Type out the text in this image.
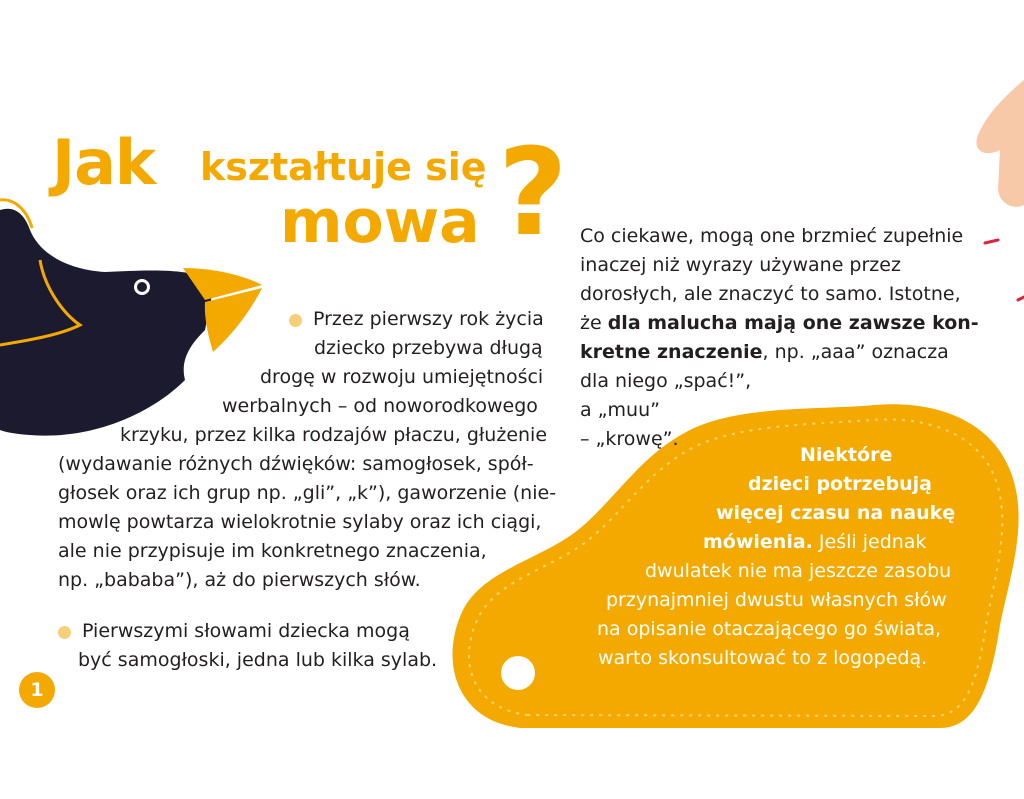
Jak kształtuje się
mowa ?
Przez pierwszy rok życia
dziecko przebywa długą
drogę w rozwoju umiejętności
werbalnych – od noworodkowego
krzyku, przez kilka rodzajów płaczu, głużenie
(wydawanie różnych dźwięków: samogłosek, spół-
głosek oraz ich grup np. „gli”, „k”), gaworzenie (nie-
mowlę powtarza wielokrotnie sylaby oraz ich ciągi,
ale nie przypisuje im konkretnego znaczenia,
np. „bababa”), aż do pierwszych słów.
Pierwszymi słowami dziecka mogą
być samogłoski, jedna lub kilka sylab.
Co ciekawe, mogą one brzmieć zupełnie
inaczej niż wyrazy używane przez
dorosłych, ale znaczyć to samo. Istotne,
że dla malucha mają one zawsze kon-
kretne znaczenie, np. „aaa” oznacza
dla niego „spać!”,
a „muu”
– „krowę”.
Niektóre
dzieci potrzebują
więcej czasu na naukę
mówienia. Jeśli jednak
dwulatek nie ma jeszcze zasobu
przynajmniej dwustu własnych słów
na opisanie otaczającego go świata,
warto skonsultować to z logopedą.
1
